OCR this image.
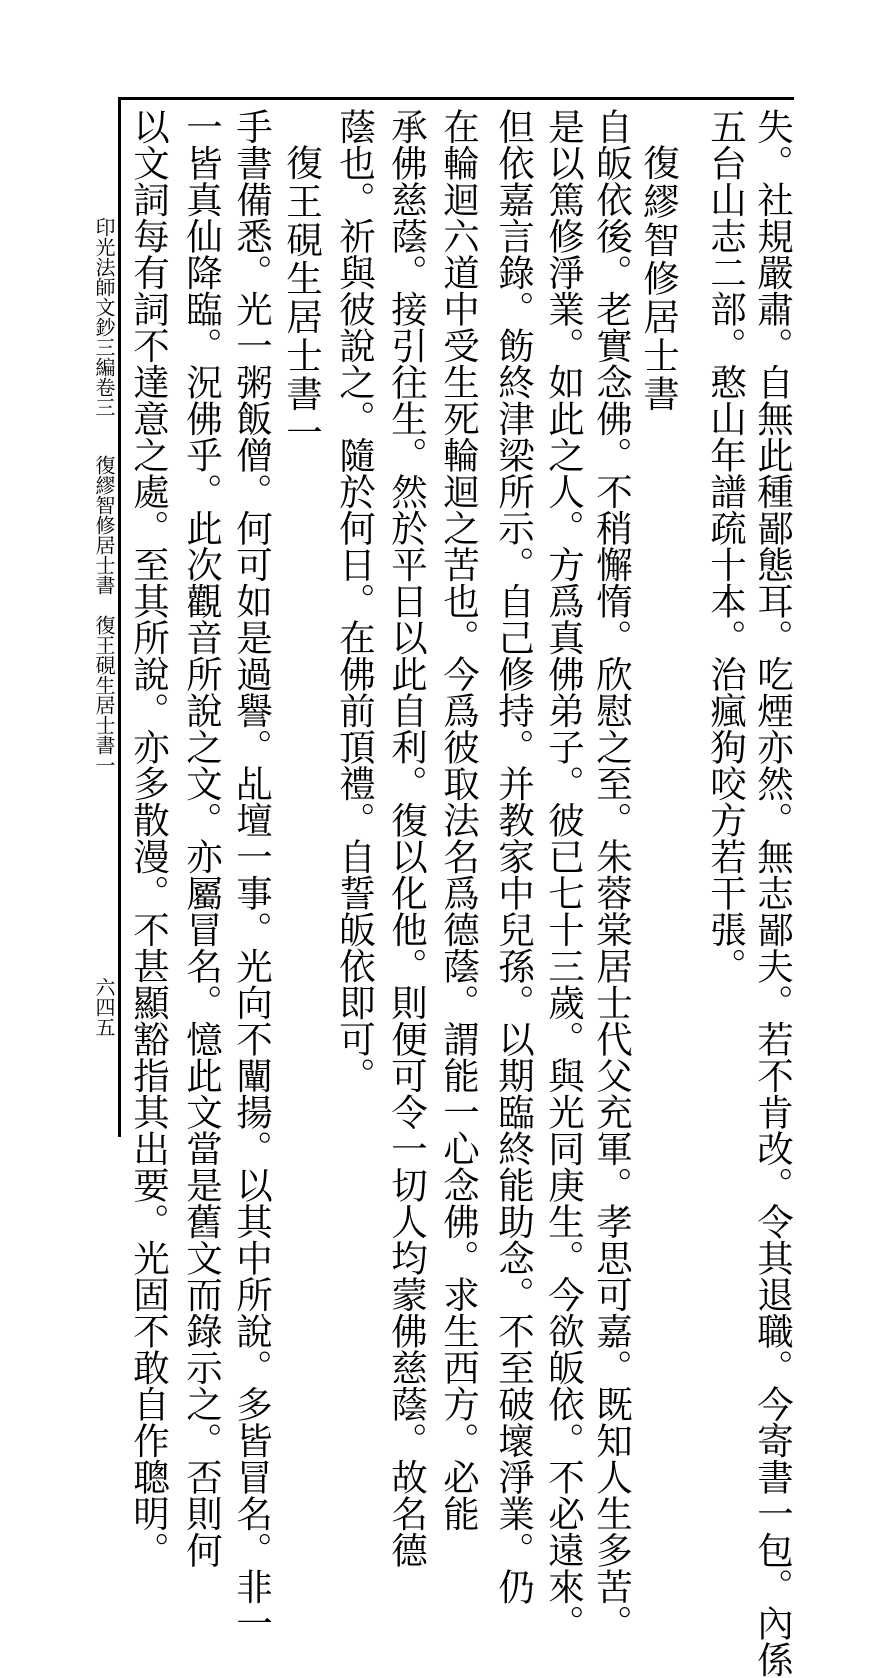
失。社規嚴肅。自無此種鄙態耳。吃煙亦然。無志鄙夫。若不肯改。令其退職。今寄書一包。內係
五台山志二部。憨山年譜疏十本。治瘋狗咬方若干張。
復繆智修居士書
自皈依後。老實念佛。不稍懈惰。欣慰之至。朱蓉棠居士代父充軍。孝思可嘉。既知人生多苦。
是以篤修淨業。如此之人。方爲真佛弟子。彼已七十三歲。與光同庚生。今欲皈依。不必遠來。
但依嘉言錄。飭終津梁所示。自己修持。并教家中兒孫。以期臨終能助念。不至破壞淨業。仍
在輪迴六道中受生死輪迴之苦也。今爲彼取法名爲德蔭。謂能一心念佛。求生西方。必能
承佛慈蔭。接引往生。然於平日以此自利。復以化他。則便可令一切人均蒙佛慈蔭。故名德
蔭也。祈與彼說之。隨於何日。在佛前頂禮。自誓皈依即可。
復王硯生居士書一
手書備悉。光一粥飯僧。何可如是過譽。乩壇一事。光向不闡揚。以其中所說。多皆冒名。非一
一皆真仙降臨。況佛乎。此次觀音所說之文。亦屬冒名。憶此文當是舊文而錄示之。否則何
以文詞每有詞不達意之處。至其所說。亦多散漫。不甚顯豁指其出要。光固不敢自作聰明。
印光法師文鈔三編卷三
復繆智修居士書　復王硯生居士書一
六四五
